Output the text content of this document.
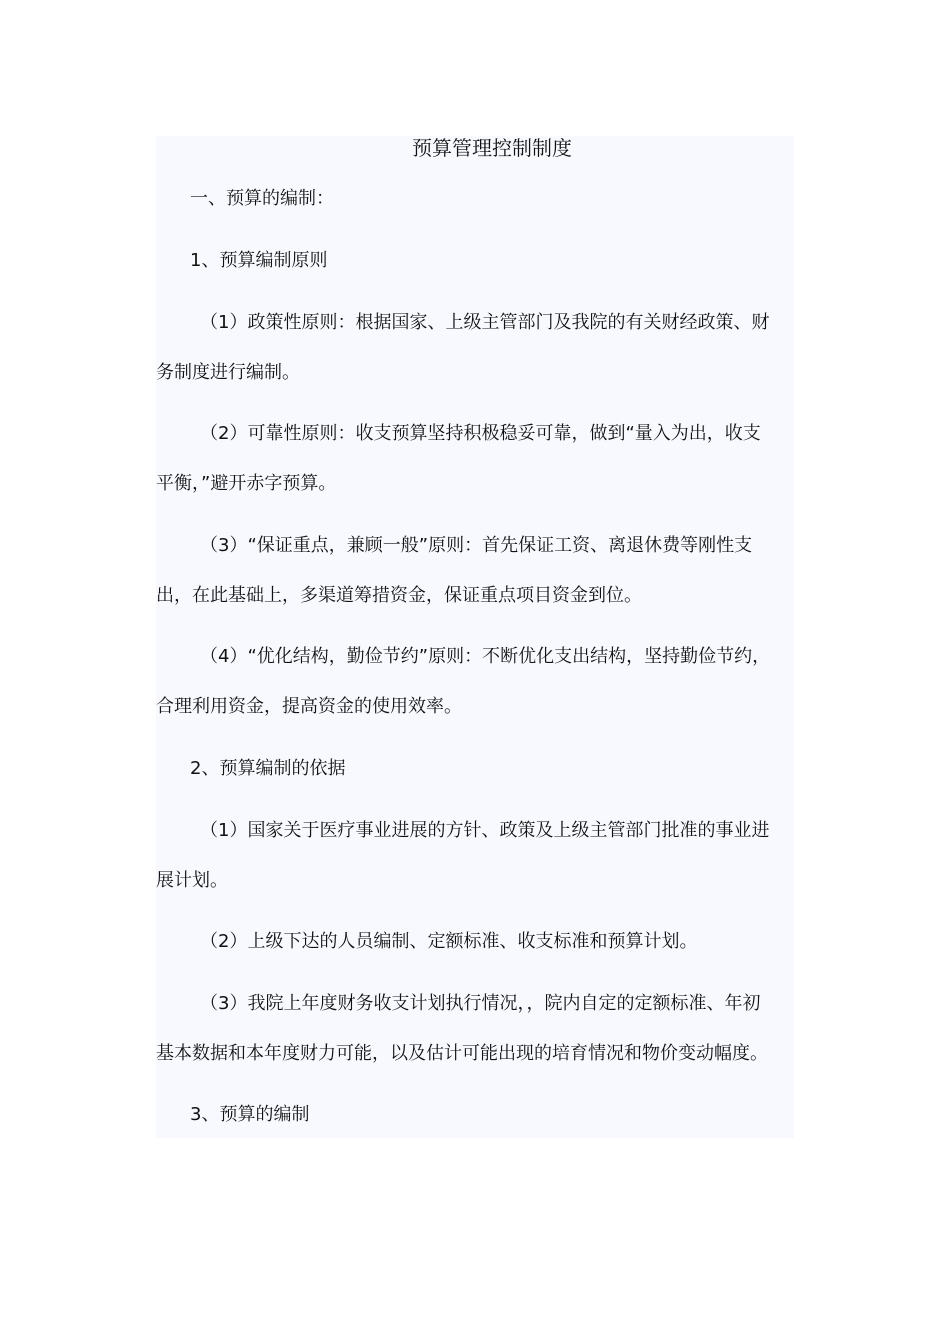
预算管理控制制度
一、预算的编制：
1、预算编制原则
（1）政策性原则：根据国家、上级主管部门及我院的有关财经政策、财
务制度进行编制。
（2）可靠性原则：收支预算坚持积极稳妥可靠，做到“量入为出，收支
平衡，”避开赤字预算。
（3）“保证重点，兼顾一般”原则：首先保证工资、离退休费等刚性支
出，在此基础上，多渠道筹措资金，保证重点项目资金到位。
（4）“优化结构，勤俭节约”原则：不断优化支出结构，坚持勤俭节约，
合理利用资金，提高资金的使用效率。
2、预算编制的依据
（1）国家关于医疗事业进展的方针、政策及上级主管部门批准的事业进
展计划。
（2）上级下达的人员编制、定额标准、收支标准和预算计划。
（3）我院上年度财务收支计划执行情况，，院内自定的定额标准、年初
基本数据和本年度财力可能，以及估计可能出现的培育情况和物价变动幅度。
3、预算的编制
